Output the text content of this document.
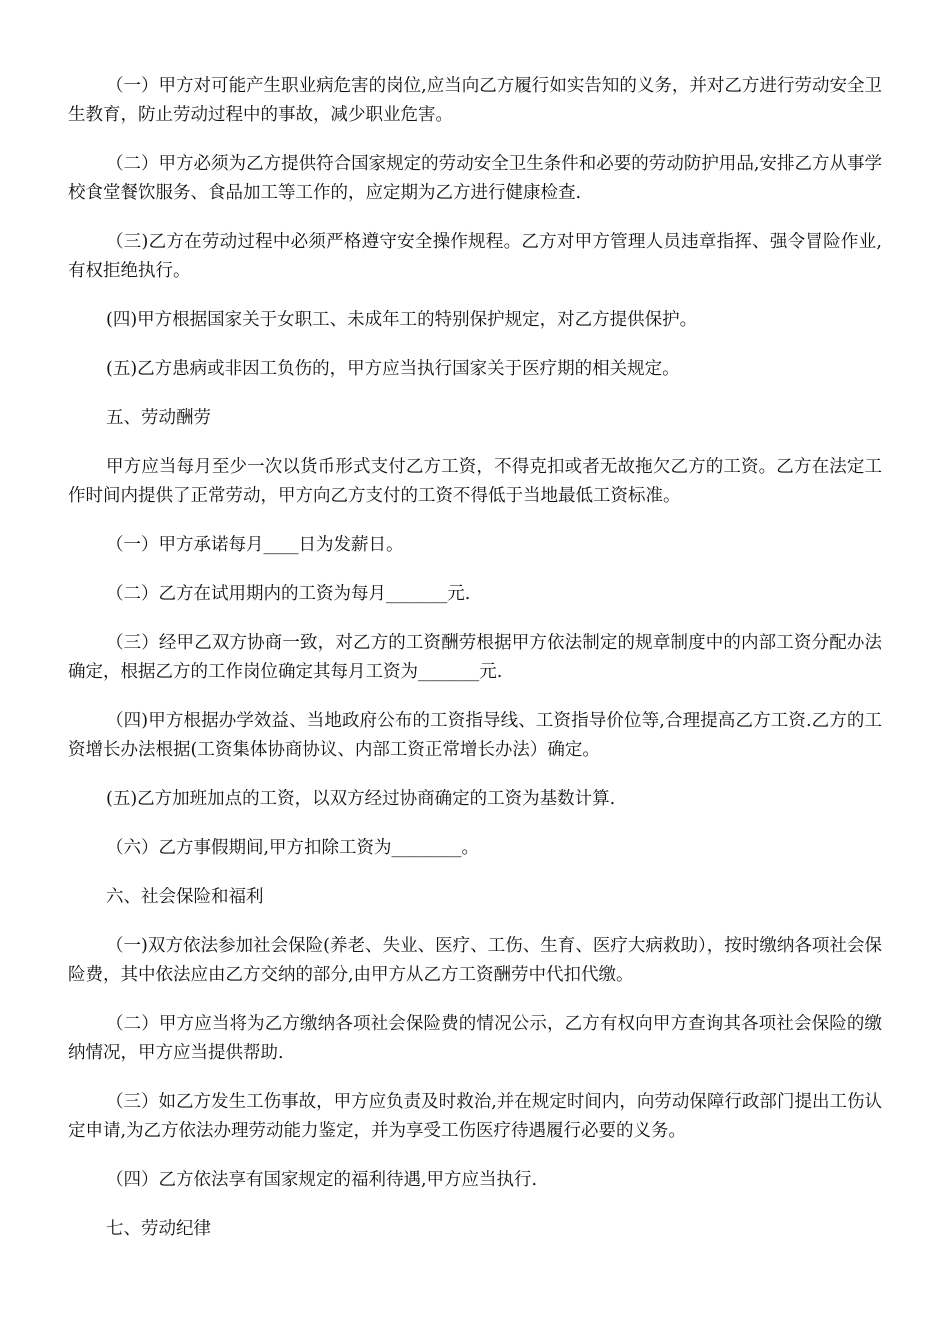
（一）甲方对可能产生职业病危害的岗位,应当向乙方履行如实告知的义务，并对乙方进行劳动安全卫生教育，防止劳动过程中的事故，减少职业危害。

（二）甲方必须为乙方提供符合国家规定的劳动安全卫生条件和必要的劳动防护用品,安排乙方从事学校食堂餐饮服务、食品加工等工作的，应定期为乙方进行健康检查.

（三)乙方在劳动过程中必须严格遵守安全操作规程。乙方对甲方管理人员违章指挥、强令冒险作业,有权拒绝执行。

(四)甲方根据国家关于女职工、未成年工的特别保护规定，对乙方提供保护。

(五)乙方患病或非因工负伤的，甲方应当执行国家关于医疗期的相关规定。

五、劳动酬劳

甲方应当每月至少一次以货币形式支付乙方工资，不得克扣或者无故拖欠乙方的工资。乙方在法定工作时间内提供了正常劳动，甲方向乙方支付的工资不得低于当地最低工资标准。

（一）甲方承诺每月____日为发薪日。

（二）乙方在试用期内的工资为每月_______元.

（三）经甲乙双方协商一致，对乙方的工资酬劳根据甲方依法制定的规章制度中的内部工资分配办法确定，根据乙方的工作岗位确定其每月工资为_______元.

（四)甲方根据办学效益、当地政府公布的工资指导线、工资指导价位等,合理提高乙方工资.乙方的工资增长办法根据(工资集体协商协议、内部工资正常增长办法）确定。

(五)乙方加班加点的工资，以双方经过协商确定的工资为基数计算.

（六）乙方事假期间,甲方扣除工资为________。

六、社会保险和福利

（一)双方依法参加社会保险(养老、失业、医疗、工伤、生育、医疗大病救助），按时缴纳各项社会保险费，其中依法应由乙方交纳的部分,由甲方从乙方工资酬劳中代扣代缴。

（二）甲方应当将为乙方缴纳各项社会保险费的情况公示，乙方有权向甲方查询其各项社会保险的缴纳情况，甲方应当提供帮助.

（三）如乙方发生工伤事故，甲方应负责及时救治,并在规定时间内，向劳动保障行政部门提出工伤认定申请,为乙方依法办理劳动能力鉴定，并为享受工伤医疗待遇履行必要的义务。

（四）乙方依法享有国家规定的福利待遇,甲方应当执行.

七、劳动纪律
